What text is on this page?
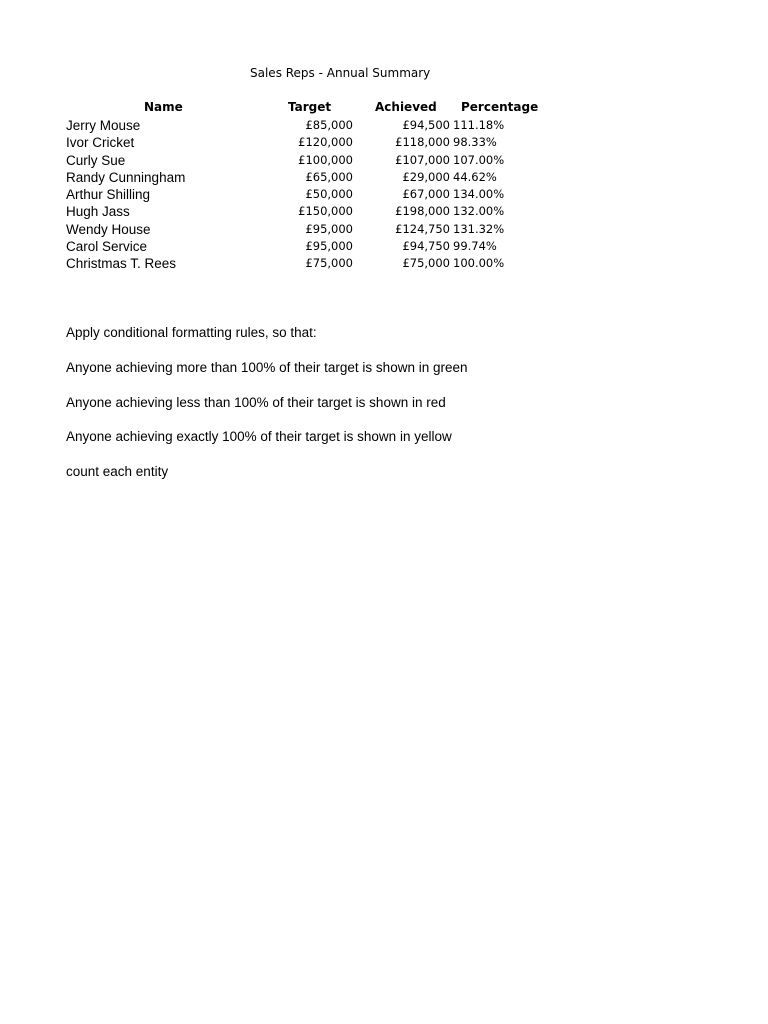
Sales Reps - Annual Summary
Name	Target	Achieved Percentage
Jerry Mouse	£85,000	£94,500 111.18%
Ivor Cricket	£120,000	£118,000 98.33%
Curly Sue	£100,000	£107,000 107.00%
Randy Cunningham	£65,000	£29,000 44.62%
Arthur Shilling	£50,000	£67,000 134.00%
Hugh Jass	£150,000	£198,000 132.00%
Wendy House	£95,000	£124,750 131.32%
Carol Service	£95,000	£94,750 99.74%
Christmas T. Rees	£75,000	£75,000 100.00%
Apply conditional formatting rules, so that:
Anyone achieving more than 100% of their target is shown in green
Anyone achieving less than 100% of their target is shown in red
Anyone achieving exactly 100% of their target is shown in yellow
count each entity
